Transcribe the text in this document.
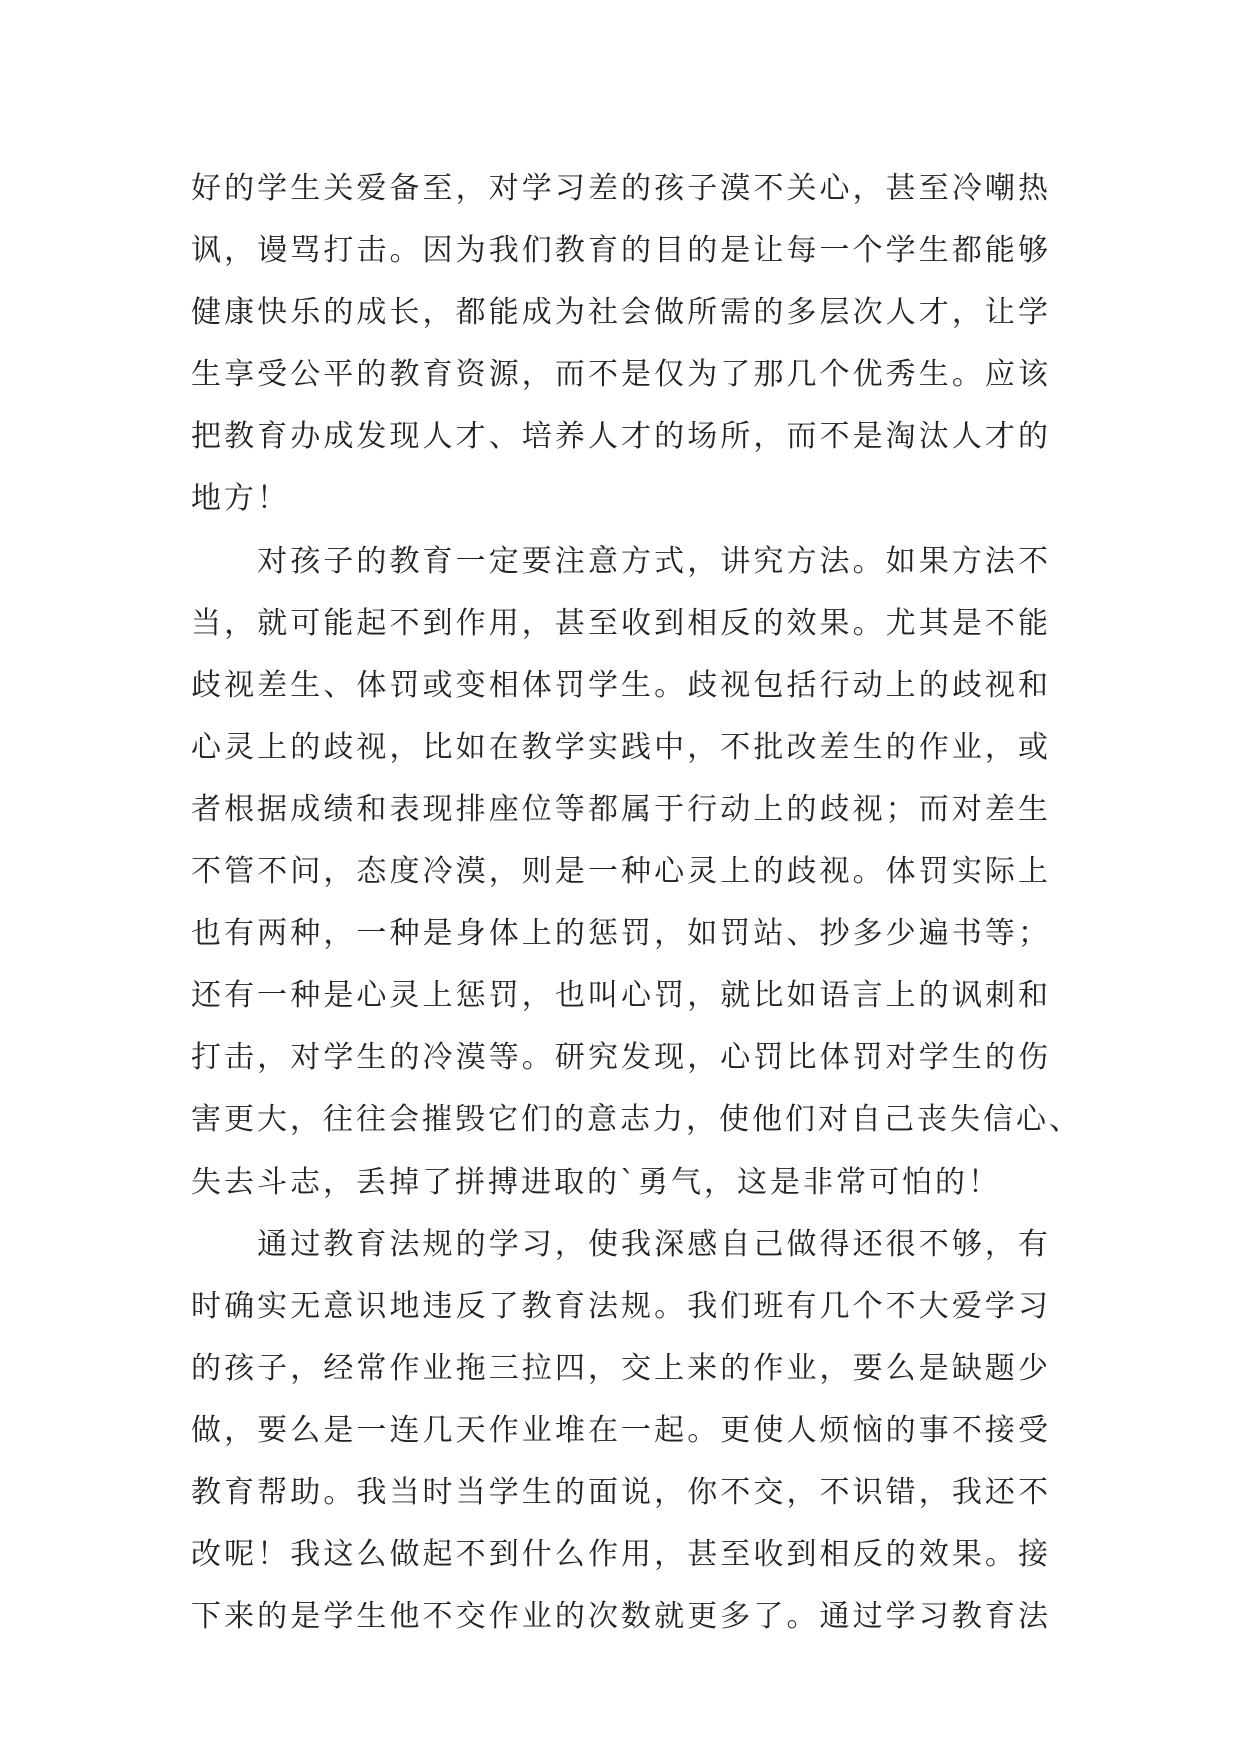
好的学生关爱备至，对学习差的孩子漠不关心，甚至冷嘲热
讽，谩骂打击。因为我们教育的目的是让每一个学生都能够
健康快乐的成长，都能成为社会做所需的多层次人才，让学
生享受公平的教育资源，而不是仅为了那几个优秀生。应该
把教育办成发现人才、培养人才的场所，而不是淘汰人才的
地方！
　　对孩子的教育一定要注意方式，讲究方法。如果方法不
当，就可能起不到作用，甚至收到相反的效果。尤其是不能
歧视差生、体罚或变相体罚学生。歧视包括行动上的歧视和
心灵上的歧视，比如在教学实践中，不批改差生的作业，或
者根据成绩和表现排座位等都属于行动上的歧视；而对差生
不管不问，态度冷漠，则是一种心灵上的歧视。体罚实际上
也有两种，一种是身体上的惩罚，如罚站、抄多少遍书等；
还有一种是心灵上惩罚，也叫心罚，就比如语言上的讽刺和
打击，对学生的冷漠等。研究发现，心罚比体罚对学生的伤
害更大，往往会摧毁它们的意志力，使他们对自己丧失信心、
失去斗志，丢掉了拼搏进取的`勇气，这是非常可怕的！
　　通过教育法规的学习，使我深感自己做得还很不够，有
时确实无意识地违反了教育法规。我们班有几个不大爱学习
的孩子，经常作业拖三拉四，交上来的作业，要么是缺题少
做，要么是一连几天作业堆在一起。更使人烦恼的事不接受
教育帮助。我当时当学生的面说，你不交，不识错，我还不
改呢！我这么做起不到什么作用，甚至收到相反的效果。接
下来的是学生他不交作业的次数就更多了。通过学习教育法
